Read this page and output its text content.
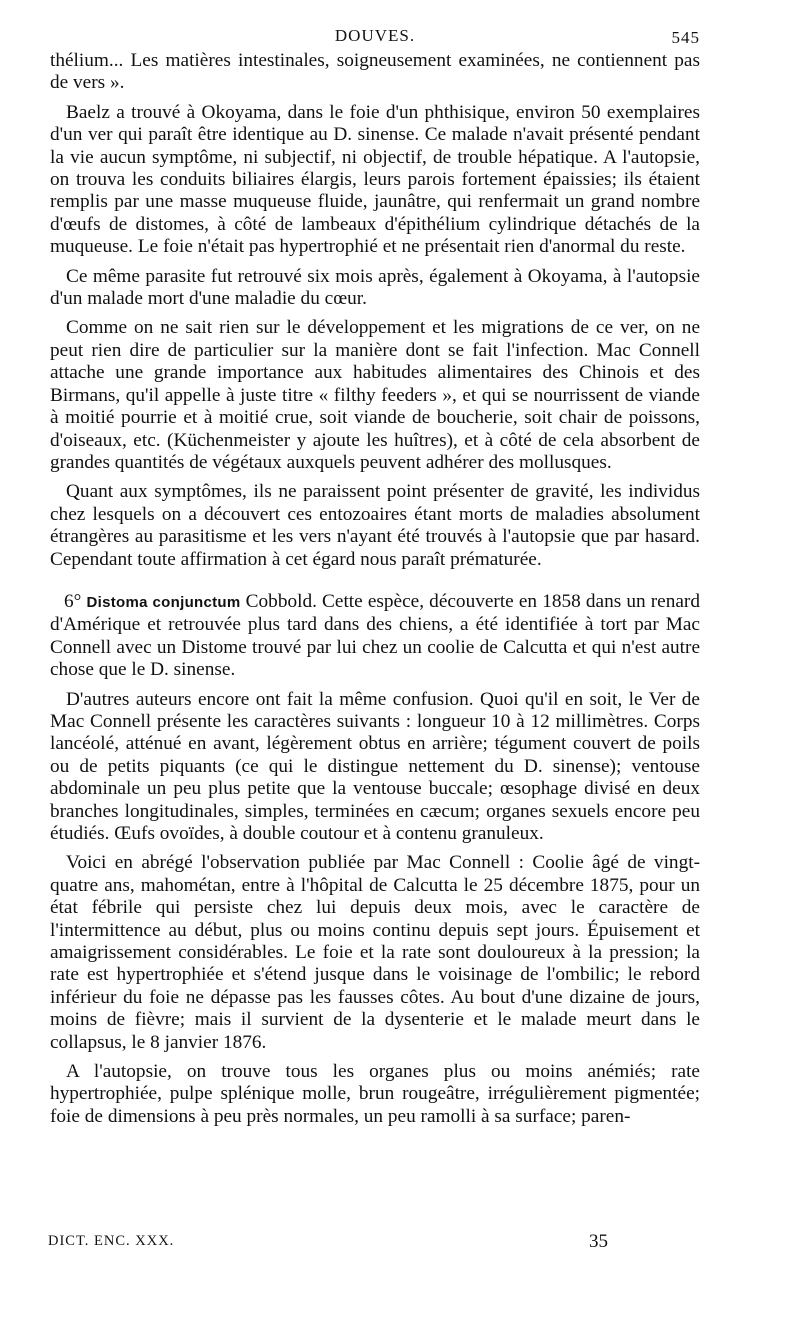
DOUVES.	545

thélium... Les matières intestinales, soigneusement examinées, ne contiennent pas de vers ».

Baelz a trouvé à Okoyama, dans le foie d'un phthisique, environ 50 exemplaires d'un ver qui paraît être identique au D. sinense. Ce malade n'avait présenté pendant la vie aucun symptôme, ni subjectif, ni objectif, de trouble hépatique. A l'autopsie, on trouva les conduits biliaires élargis, leurs parois fortement épaissies; ils étaient remplis par une masse muqueuse fluide, jaunâtre, qui renfermait un grand nombre d'œufs de distomes, à côté de lambeaux d'épithélium cylindrique détachés de la muqueuse. Le foie n'était pas hypertrophié et ne présentait rien d'anormal du reste.

Ce même parasite fut retrouvé six mois après, également à Okoyama, à l'autopsie d'un malade mort d'une maladie du cœur.

Comme on ne sait rien sur le développement et les migrations de ce ver, on ne peut rien dire de particulier sur la manière dont se fait l'infection. Mac Connell attache une grande importance aux habitudes alimentaires des Chinois et des Birmans, qu'il appelle à juste titre « filthy feeders », et qui se nourrissent de viande à moitié pourrie et à moitié crue, soit viande de boucherie, soit chair de poissons, d'oiseaux, etc. (Küchenmeister y ajoute les huîtres), et à côté de cela absorbent de grandes quantités de végétaux auxquels peuvent adhérer des mollusques.

Quant aux symptômes, ils ne paraissent point présenter de gravité, les individus chez lesquels on a découvert ces entozoaires étant morts de maladies absolument étrangères au parasitisme et les vers n'ayant été trouvés à l'autopsie que par hasard. Cependant toute affirmation à cet égard nous paraît prématurée.

6° Distoma conjunctum Cobbold. Cette espèce, découverte en 1858 dans un renard d'Amérique et retrouvée plus tard dans des chiens, a été identifiée à tort par Mac Connell avec un Distome trouvé par lui chez un coolie de Calcutta et qui n'est autre chose que le D. sinense.

D'autres auteurs encore ont fait la même confusion. Quoi qu'il en soit, le Ver de Mac Connell présente les caractères suivants : longueur 10 à 12 millimètres. Corps lancéolé, atténué en avant, légèrement obtus en arrière; tégument couvert de poils ou de petits piquants (ce qui le distingue nettement du D. sinense); ventouse abdominale un peu plus petite que la ventouse buccale; œsophage divisé en deux branches longitudinales, simples, terminées en cæcum; organes sexuels encore peu étudiés. Œufs ovoïdes, à double coutour et à contenu granuleux.

Voici en abrégé l'observation publiée par Mac Connell : Coolie âgé de vingt-quatre ans, mahométan, entre à l'hôpital de Calcutta le 25 décembre 1875, pour un état fébrile qui persiste chez lui depuis deux mois, avec le caractère de l'intermittence au début, plus ou moins continu depuis sept jours. Épuisement et amaigrissement considérables. Le foie et la rate sont douloureux à la pression; la rate est hypertrophiée et s'étend jusque dans le voisinage de l'ombilic; le rebord inférieur du foie ne dépasse pas les fausses côtes. Au bout d'une dizaine de jours, moins de fièvre; mais il survient de la dysenterie et le malade meurt dans le collapsus, le 8 janvier 1876.

A l'autopsie, on trouve tous les organes plus ou moins anémiés; rate hypertrophiée, pulpe splénique molle, brun rougeâtre, irrégulièrement pigmentée; foie de dimensions à peu près normales, un peu ramolli à sa surface; paren-

DICT. ENC. XXX.	35
